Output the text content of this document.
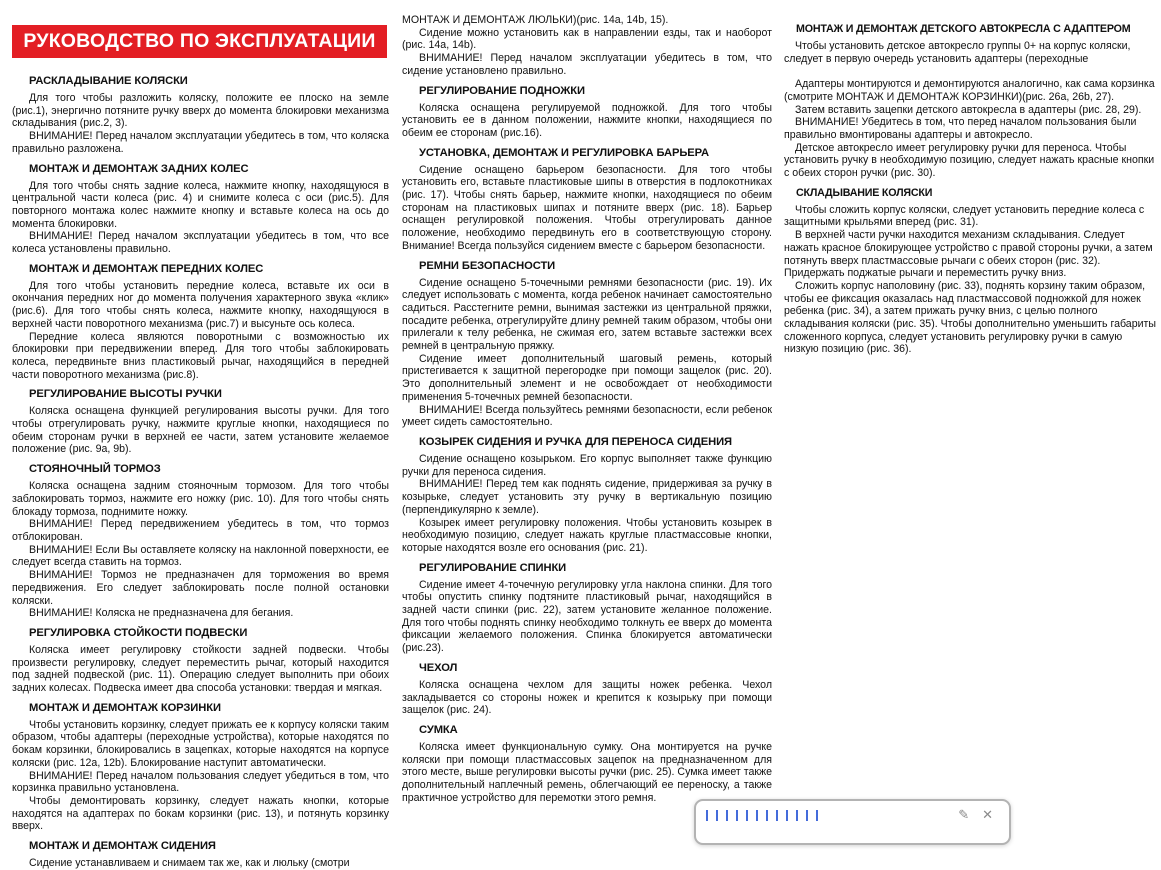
РУКОВОДСТВО ПО ЭКСПЛУАТАЦИИ
РАСКЛАДЫВАНИЕ КОЛЯСКИ
Для того чтобы разложить коляску, положите ее плоско на земле (рис.1), энергично потяните ручку вверх до момента блокировки механизма складывания (рис.2, 3).
ВНИМАНИЕ! Перед началом эксплуатации убедитесь в том, что коляска правильно разложена.
МОНТАЖ И ДЕМОНТАЖ ЗАДНИХ КОЛЕС
Для того чтобы снять задние колеса, нажмите кнопку, находящуюся в центральной части колеса (рис. 4) и снимите колеса с оси (рис.5). Для повторного монтажа колес нажмите кнопку и вставьте колеса на ось до момента блокировки.
ВНИМАНИЕ! Перед началом эксплуатации убедитесь в том, что все колеса установлены правильно.
МОНТАЖ И ДЕМОНТАЖ ПЕРЕДНИХ КОЛЕС
Для того чтобы установить передние колеса, вставьте их оси в окончания передних ног до момента получения характерного звука «клик» (рис.6). Для того чтобы снять колеса, нажмите кнопку, находящуюся в верхней части поворотного механизма (рис.7) и высуньте ось колеса.
Передние колеса являются поворотными с возможностью их блокировки при передвижении вперед. Для того чтобы заблокировать колеса, передвиньте вниз пластиковый рычаг, находящийся в передней части поворотного механизма (рис.8).
РЕГУЛИРОВАНИЕ ВЫСОТЫ РУЧКИ
Коляска оснащена функцией регулирования высоты ручки. Для того чтобы отрегулировать ручку, нажмите круглые кнопки, находящиеся по обеим сторонам ручки в верхней ее части, затем установите желаемое положение (рис. 9a, 9b).
СТОЯНОЧНЫЙ ТОРМОЗ
Коляска оснащена задним стояночным тормозом. Для того чтобы заблокировать тормоз, нажмите его ножку (рис. 10). Для того чтобы снять блокаду тормоза, поднимите ножку.
ВНИМАНИЕ! Перед передвижением убедитесь в том, что тормоз отблокирован.
ВНИМАНИЕ! Если Вы оставляете коляску на наклонной поверхности, ее следует всегда ставить на тормоз.
ВНИМАНИЕ! Тормоз не предназначен для торможения во время передвижения. Его следует заблокировать после полной остановки коляски.
ВНИМАНИЕ! Коляска не предназначена для бегания.
РЕГУЛИРОВКА СТОЙКОСТИ ПОДВЕСКИ
Коляска имеет регулировку стойкости задней подвески. Чтобы произвести регулировку, следует переместить рычаг, который находится под задней подвеской (рис. 11). Операцию следует выполнить при обоих задних колесах. Подвеска имеет два способа установки: твердая и мягкая.
МОНТАЖ И ДЕМОНТАЖ КОРЗИНКИ
Чтобы установить корзинку, следует прижать ее к корпусу коляски таким образом, чтобы адаптеры (переходные устройства), которые находятся по бокам корзинки, блокировались в зацепках, которые находятся на корпусе коляски (рис. 12a, 12b). Блокирование наступит автоматически.
ВНИМАНИЕ! Перед началом пользования следует убедиться в том, что корзинка правильно установлена.
Чтобы демонтировать корзинку, следует нажать кнопки, которые находятся на адаптерах по бокам корзинки (рис. 13), и потянуть корзинку вверх.
МОНТАЖ И ДЕМОНТАЖ СИДЕНИЯ
Сидение устанавливаем и снимаем так же, как и люльку (смотри
МОНТАЖ И ДЕМОНТАЖ ЛЮЛЬКИ)(рис. 14a, 14b, 15).
Сидение можно установить как в направлении езды, так и наоборот (рис. 14a, 14b).
ВНИМАНИЕ! Перед началом эксплуатации убедитесь в том, что сидение установлено правильно.
РЕГУЛИРОВАНИЕ ПОДНОЖКИ
Коляска оснащена регулируемой подножкой. Для того чтобы установить ее в данном положении, нажмите кнопки, находящиеся по обеим ее сторонам (рис.16).
УСТАНОВКА, ДЕМОНТАЖ И РЕГУЛИРОВКА БАРЬЕРА
Сидение оснащено барьером безопасности. Для того чтобы установить его, вставьте пластиковые шипы в отверстия в подлокотниках (рис. 17). Чтобы снять барьер, нажмите кнопки, находящиеся по обеим сторонам на пластиковых шипах и потяните вверх (рис. 18). Барьер оснащен регулировкой положения. Чтобы отрегулировать данное положение, необходимо передвинуть его в соответствующую сторону. Внимание! Всегда пользуйся сидением вместе с барьером безопасности.
РЕМНИ БЕЗОПАСНОСТИ
Сидение оснащено 5-точечными ремнями безопасности (рис. 19). Их следует использовать с момента, когда ребенок начинает самостоятельно садиться. Расстегните ремни, вынимая застежки из центральной пряжки, посадите ребенка, отрегулируйте длину ремней таким образом, чтобы они прилегали к телу ребенка, не сжимая его, затем вставьте застежки всех ремней в центральную пряжку.
Сидение имеет дополнительный шаговый ремень, который пристегивается к защитной перегородке при помощи защелок (рис. 20). Это дополнительный элемент и не освобождает от необходимости применения 5-точечных ремней безопасности.
ВНИМАНИЕ! Всегда пользуйтесь ремнями безопасности, если ребенок умеет сидеть самостоятельно.
КОЗЫРЕК СИДЕНИЯ И РУЧКА ДЛЯ ПЕРЕНОСА СИДЕНИЯ
Сидение оснащено козырьком. Его корпус выполняет также функцию ручки для переноса сидения.
ВНИМАНИЕ! Перед тем как поднять сидение, придерживая за ручку в козырьке, следует установить эту ручку в вертикальную позицию (перпендикулярно к земле).
Козырек имеет регулировку положения. Чтобы установить козырек в необходимую позицию, следует нажать круглые пластмассовые кнопки, которые находятся возле его основания (рис. 21).
РЕГУЛИРОВАНИЕ СПИНКИ
Сидение имеет 4-точечную регулировку угла наклона спинки. Для того чтобы опустить спинку подтяните пластиковый рычаг, находящийся в задней части спинки (рис. 22), затем установите желанное положение. Для того чтобы поднять спинку необходимо толкнуть ее вверх до момента фиксации желаемого положения. Спинка блокируется автоматически (рис.23).
ЧЕХОЛ
Коляска оснащена чехлом для защиты ножек ребенка. Чехол закладывается со стороны ножек и крепится к козырьку при помощи защелок (рис. 24).
СУМКА
Коляска имеет функциональную сумку. Она монтируется на ручке коляски при помощи пластмассовых зацепок на предназначенном для этого месте, выше регулировки высоты ручки (рис. 25). Сумка имеет также дополнительный наплечный ремень, облегчающий ее переноску, а также практичное устройство для перемотки этого ремня.
МОНТАЖ И ДЕМОНТАЖ ДЕТСКОГО АВТОКРЕСЛА С АДАПТЕРОМ
Чтобы установить детское автокресло группы 0+ на корпус коляски, следует в первую очередь установить адаптеры (переходные
Адаптеры монтируются и демонтируются аналогично, как сама корзинка (смотрите МОНТАЖ И ДЕМОНТАЖ КОРЗИНКИ)(рис. 26a, 26b, 27).
Затем вставить зацепки детского автокресла в адаптеры (рис. 28, 29).
ВНИМАНИЕ! Убедитесь в том, что перед началом пользования были правильно вмонтированы адаптеры и автокресло.
Детское автокресло имеет регулировку ручки для переноса. Чтобы установить ручку в необходимую позицию, следует нажать красные кнопки с обеих сторон ручки (рис. 30).
СКЛАДЫВАНИЕ КОЛЯСКИ
Чтобы сложить корпус коляски, следует установить передние колеса с защитными крыльями вперед (рис. 31).
В верхней части ручки находится механизм складывания. Следует нажать красное блокирующее устройство с правой стороны ручки, а затем потянуть вверх пластмассовые рычаги с обеих сторон (рис. 32). Придержать поджатые рычаги и переместить ручку вниз.
Сложить корпус наполовину (рис. 33), поднять корзину таким образом, чтобы ее фиксация оказалась над пластмассовой подножкой для ножек ребенка (рис. 34), а затем прижать ручку вниз, с целью полного складывания коляски (рис. 35). Чтобы дополнительно уменьшить габариты сложенного корпуса, следует установить регулировку ручки в самую низкую позицию (рис. 36).
✎ ✕
